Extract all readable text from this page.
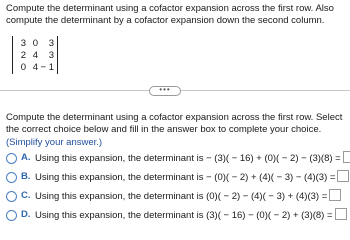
Compute the determinant using a cofactor expansion across the first row. Also compute the determinant by a cofactor expansion down the second column.
3 0	3
2 4	3
0 4 − 1
•••
Compute the determinant using a cofactor expansion across the first row. Select the correct choice below and fill in the answer box to complete your choice.
(Simplify your answer.)
A. Using this expansion, the determinant is − (3)( − 16) + (0)( − 2) − (3)(8) =
B. Using this expansion, the determinant is − (0)( − 2) + (4)( − 3) − (4)(3) =
C. Using this expansion, the determinant is (0)( − 2) − (4)( − 3) + (4)(3) =
D. Using this expansion, the determinant is (3)( − 16) − (0)( − 2) + (3)(8) =
